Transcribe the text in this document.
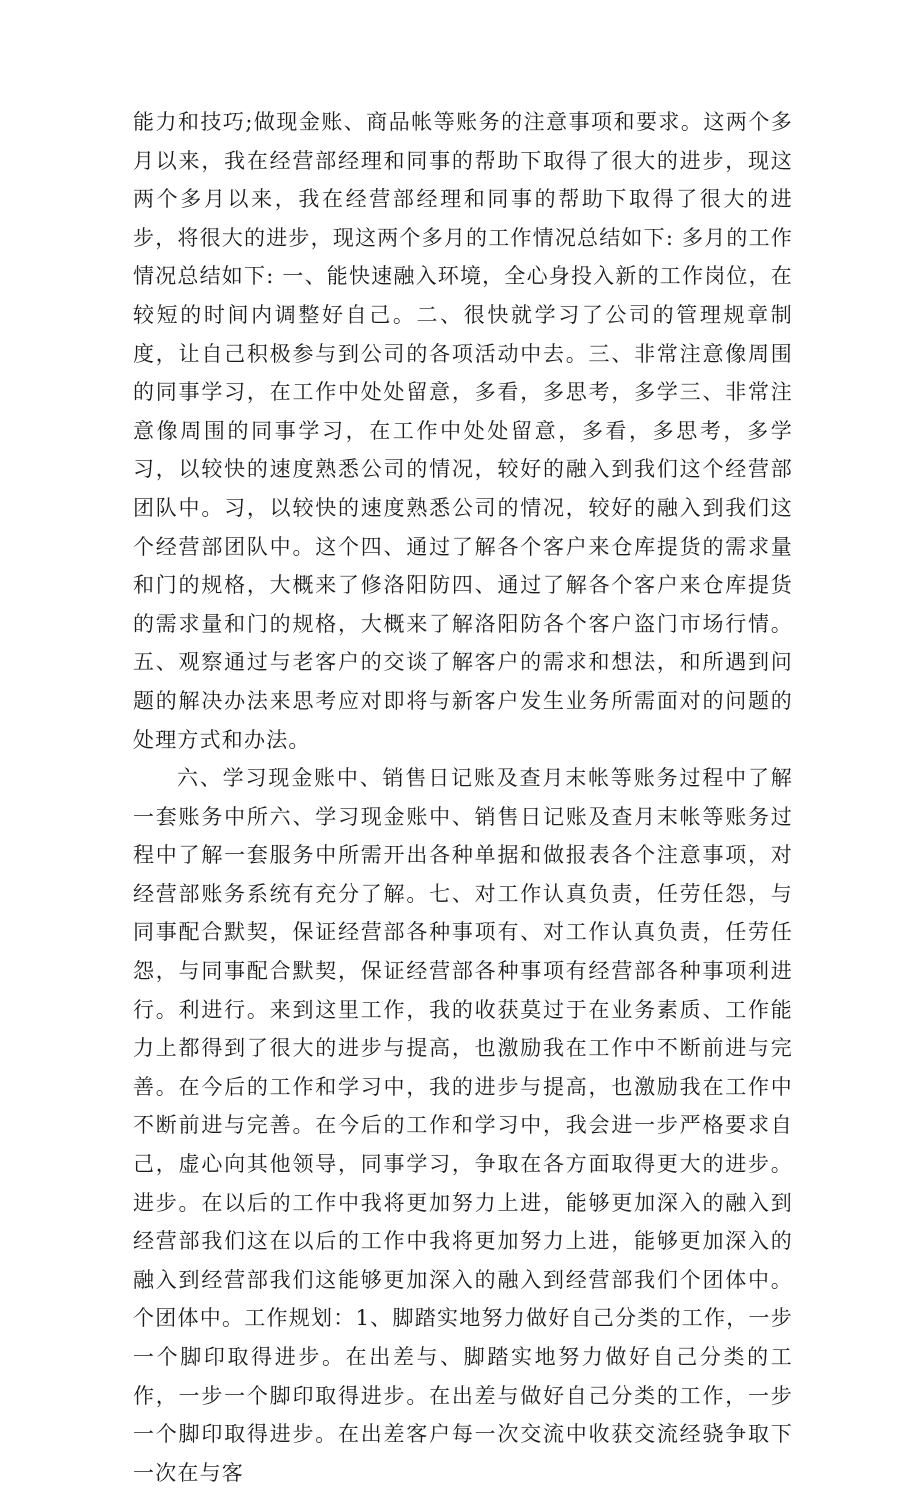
能力和技巧;做现金账、商品帐等账务的注意事项和要求。这两个多月以来，我在经营部经理和同事的帮助下取得了很大的进步，现这两个多月以来，我在经营部经理和同事的帮助下取得了很大的进步，将很大的进步，现这两个多月的工作情况总结如下: 多月的工作情况总结如下: 一、能快速融入环境，全心身投入新的工作岗位，在较短的时间内调整好自己。二、很快就学习了公司的管理规章制度，让自己积极参与到公司的各项活动中去。三、非常注意像周围的同事学习，在工作中处处留意，多看，多思考，多学三、非常注意像周围的同事学习，在工作中处处留意，多看，多思考，多学习，以较快的速度熟悉公司的情况，较好的融入到我们这个经营部团队中。习，以较快的速度熟悉公司的情况，较好的融入到我们这个经营部团队中。这个四、通过了解各个客户来仓库提货的需求量和门的规格，大概来了修洛阳防四、通过了解各个客户来仓库提货的需求量和门的规格，大概来了解洛阳防各个客户盗门市场行情。五、观察通过与老客户的交谈了解客户的需求和想法，和所遇到问题的解决办法来思考应对即将与新客户发生业务所需面对的问题的处理方式和办法。

六、学习现金账中、销售日记账及查月末帐等账务过程中了解一套账务中所六、学习现金账中、销售日记账及查月末帐等账务过程中了解一套服务中所需开出各种单据和做报表各个注意事项，对经营部账务系统有充分了解。七、对工作认真负责，任劳任怨，与同事配合默契，保证经营部各种事项有、对工作认真负责，任劳任怨，与同事配合默契，保证经营部各种事项有经营部各种事项利进行。利进行。来到这里工作，我的收获莫过于在业务素质、工作能力上都得到了很大的进步与提高，也激励我在工作中不断前进与完善。在今后的工作和学习中，我的进步与提高，也激励我在工作中不断前进与完善。在今后的工作和学习中，我会进一步严格要求自己，虚心向其他领导，同事学习，争取在各方面取得更大的进步。进步。在以后的工作中我将更加努力上进，能够更加深入的融入到经营部我们这在以后的工作中我将更加努力上进，能够更加深入的融入到经营部我们这能够更加深入的融入到经营部我们个团体中。个团体中。工作规划：1、脚踏实地努力做好自己分类的工作，一步一个脚印取得进步。在出差与、脚踏实地努力做好自己分类的工作，一步一个脚印取得进步。在出差与做好自己分类的工作，一步一个脚印取得进步。在出差客户每一次交流中收获交流经骁争取下一次在与客
